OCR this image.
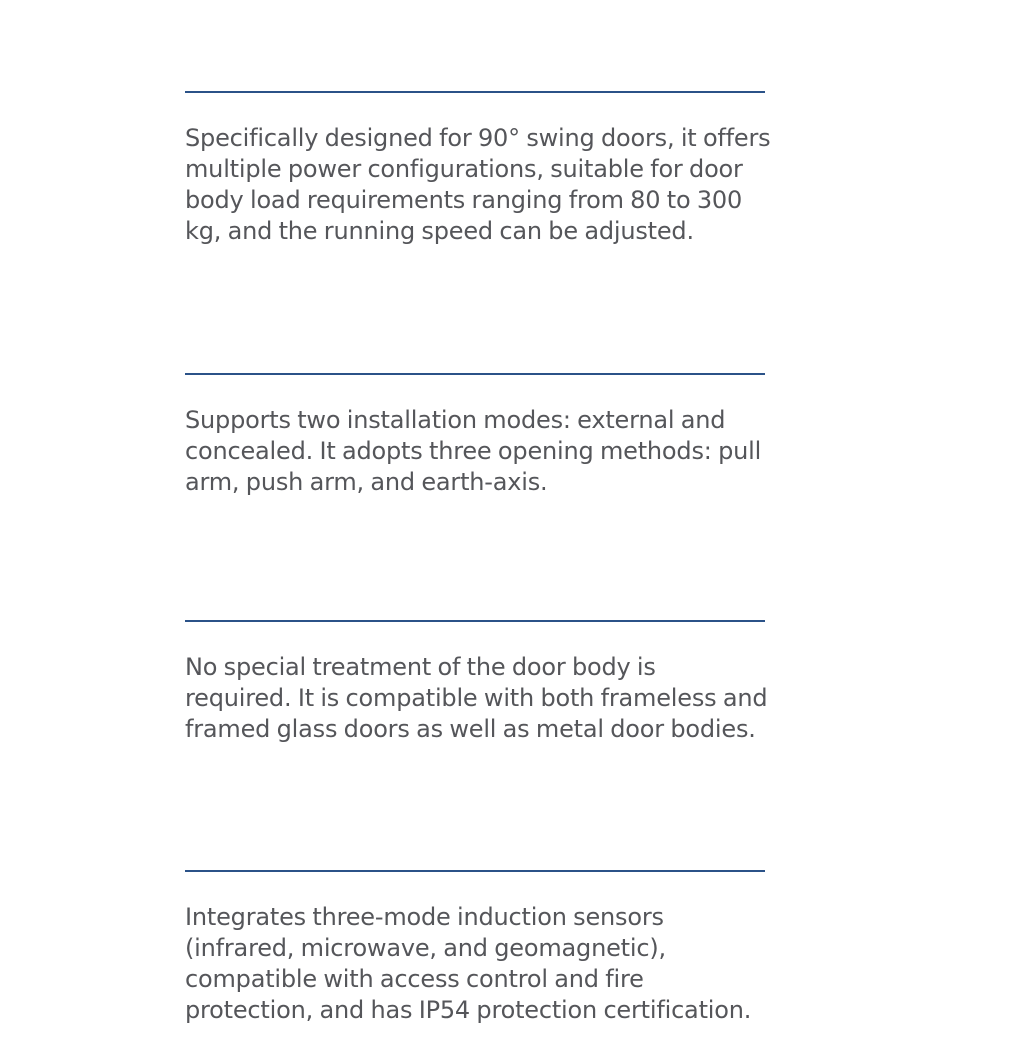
Specifically designed for 90° swing doors, it offers
multiple power configurations, suitable for door
body load requirements ranging from 80 to 300
kg, and the running speed can be adjusted.

Supports two installation modes: external and
concealed. It adopts three opening methods: pull
arm, push arm, and earth-axis.

No special treatment of the door body is
required. It is compatible with both frameless and
framed glass doors as well as metal door bodies.

Integrates three-mode induction sensors
(infrared, microwave, and geomagnetic),
compatible with access control and fire
protection, and has IP54 protection certification.
